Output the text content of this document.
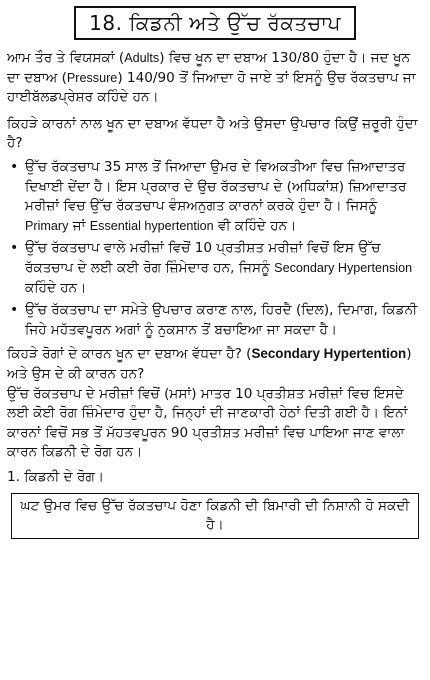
18. ਕਿਡਨੀ ਅਤੇ ਉੱਚ ਰੱਕਤਚਾਪ

ਆਮ ਤੌਰ ਤੇ ਵਿਯਸਕਾਂ (Adults) ਵਿਚ ਖੂਨ ਦਾ ਦਬਾਅ 130/80 ਹੁੰਦਾ ਹੈ। ਜਦ ਖੂਨ ਦਾ ਦਬਾਅ (Pressure) 140/90 ਤੋਂ ਜਿਆਦਾ ਹੋ ਜਾਏ ਤਾਂ ਇਸਨੂੰ ਉਚ ਰੱਕਤਚਾਪ ਜਾ ਹਾਈਬੱਲਡਪ੍ਰੇਸ਼ਰ ਕਹਿੰਦੇ ਹਨ।

ਕਿਹੜੇ ਕਾਰਨਾਂ ਨਾਲ ਖੂਨ ਦਾ ਦਬਾਅ ਵੱਧਦਾ ਹੈ ਅਤੇ ਉਸਦਾ ਉਪਚਾਰ ਕਿਉਂ ਜ਼ਰੂਰੀ ਹੁੰਦਾ ਹੈ?

• ਉੱਚ ਰੱਕਤਚਾਪ 35 ਸਾਲ ਤੋਂ ਜਿਆਦਾ ਉਮਰ ਦੇ ਵਿਅਕਤੀਆ ਵਿਚ ਜ਼ਿਆਦਾਤਰ ਦਿਖਾਈ ਦੇਂਦਾ ਹੈ। ਇਸ ਪ੍ਰਕਾਰ ਦੇ ਉਚ ਰੱਕਤਚਾਪ ਦੇ (ਅਧਿਕਾਂਸ਼) ਜ਼ਿਆਦਾਤਰ ਮਰੀਜ਼ਾਂ ਵਿਚ ਉੱਚ ਰੱਕਤਚਾਪ ਵੰਸ਼ਅਨੁਗਤ ਕਾਰਨਾਂ ਕਰਕੇ ਹੁੰਦਾ ਹੈ। ਜਿਸਨੂੰ Primary ਜਾਂ Essential hypertention ਵੀ ਕਹਿੰਦੇ ਹਨ।
• ਉੱਚ ਰੱਕਤਚਾਪ ਵਾਲੇ ਮਰੀਜ਼ਾਂ ਵਿਚੋਂ 10 ਪ੍ਰਤੀਸ਼ਤ ਮਰੀਜ਼ਾਂ ਵਿਚੋਂ ਇਸ ਉੱਚ ਰੱਕਤਚਾਪ ਦੇ ਲਈ ਕਈ ਰੋਗ ਜ਼ਿੰਮੇਦਾਰ ਹਨ, ਜਿਸਨੂੰ Secondary Hypertension ਕਹਿੰਦੇ ਹਨ।
• ਉੱਚ ਰੱਕਤਚਾਪ ਦਾ ਸਮੇਤੇ ਉਪਚਾਰ ਕਰਾਣ ਨਾਲ, ਹਿਰਦੈ (ਦਿਲ), ਦਿਮਾਗ, ਕਿਡਨੀ ਜਿਹੇ ਮਹੱਤਵਪੂਰਨ ਅਗਾਂ ਨੂੰ ਨੁਕਸਾਨ ਤੋਂ ਬਚਾਇਆ ਜਾ ਸਕਦਾ ਹੈ।

ਕਿਹੜੇ ਰੋਗਾਂ ਦੇ ਕਾਰਨ ਖੂਨ ਦਾ ਦਬਾਅ ਵੱਧਦਾ ਹੈ? (Secondary Hypertention) ਅਤੇ ਉਸ ਦੇ ਕੀ ਕਾਰਨ ਹਨ?

ਉੱਚ ਰੱਕਤਚਾਪ ਦੇ ਮਰੀਜ਼ਾਂ ਵਿਚੋਂ (ਮਸਾਂ) ਮਾਤਰ 10 ਪ੍ਰਤੀਸ਼ਤ ਮਰੀਜ਼ਾਂ ਵਿਚ ਇਸਦੇ ਲਈ ਕੋਈ ਰੋਗ ਜ਼ਿੰਮੇਦਾਰ ਹੁੰਦਾ ਹੈ, ਜਿਨ੍ਹਾਂ ਦੀ ਜਾਣਕਾਰੀ ਹੇਠਾਂ ਦਿਤੀ ਗਈ ਹੈ। ਇਨਾਂ ਕਾਰਨਾਂ ਵਿਚੋਂ ਸਭ ਤੋਂ ਮੱਹਤਵਪੂਰਨ 90 ਪ੍ਰਤੀਸ਼ਤ ਮਰੀਜ਼ਾਂ ਵਿਚ ਪਾਇਆ ਜਾਣ ਵਾਲਾ ਕਾਰਨ ਕਿਡਨੀ ਦੇ ਰੋਗ ਹਨ।

1. ਕਿਡਨੀ ਦੇ ਰੋਗ।

ਘਟ ਉਮਰ ਵਿਚ ਉੱਚ ਰੱਕਤਚਾਪ ਹੋਣਾ ਕਿਡਨੀ ਦੀ ਬਿਮਾਰੀ ਦੀ ਨਿਸ਼ਾਨੀ ਹੋ ਸਕਦੀ ਹੈ।
